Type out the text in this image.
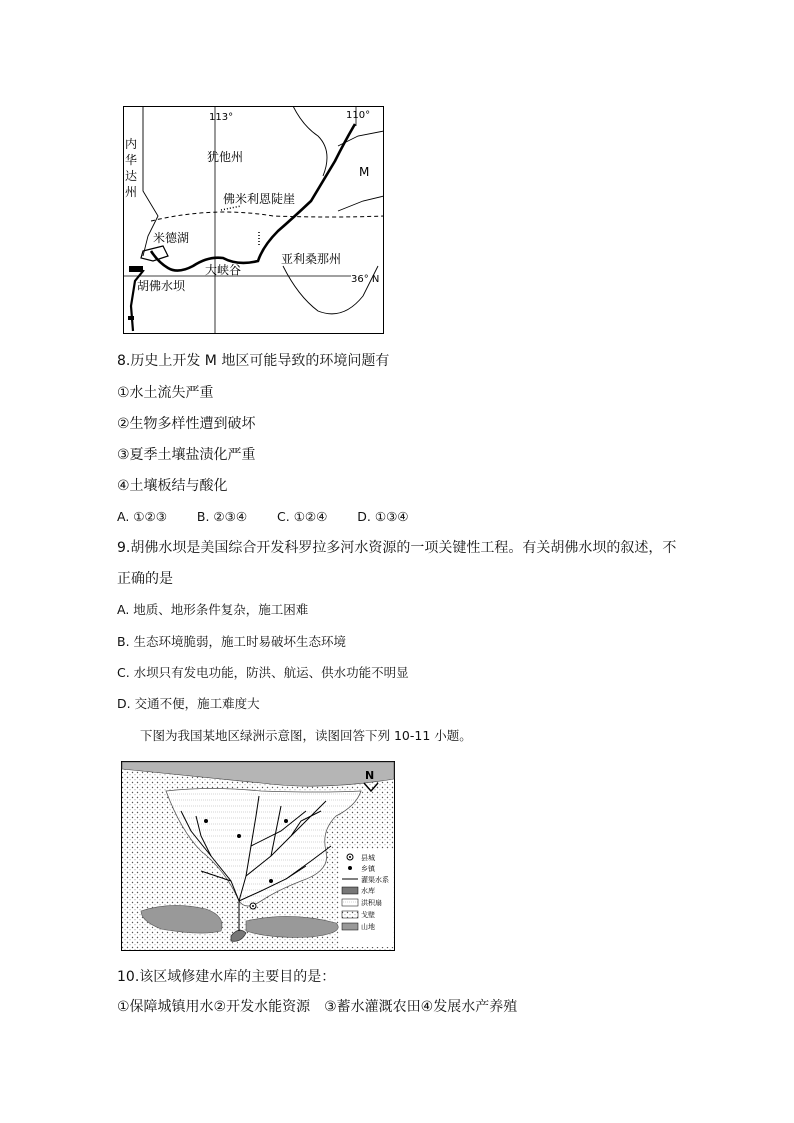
113°	110°
内
华
达
州
犹他州
M
佛米利恩陡崖
米德湖
大峡谷
亚利桑那州
36° N
胡佛水坝
8.历史上开发 M 地区可能导致的环境问题有
①水土流失严重
②生物多样性遭到破坏
③夏季土壤盐渍化严重
④土壤板结与酸化
A. ①②③ B. ②③④ C. ①②④ D. ①③④
9.胡佛水坝是美国综合开发科罗拉多河水资源的一项关键性工程。有关胡佛水坝的叙述，不
正确的是
A. 地质、地形条件复杂，施工困难
B. 生态环境脆弱，施工时易破坏生态环境
C. 水坝只有发电功能，防洪、航运、供水功能不明显
D. 交通不便，施工难度大
下图为我国某地区绿洲示意图，读图回答下列 10-11 小题。
N
县城
乡镇
灌渠水系
水库
洪积扇
戈壁
山地
10.该区域修建水库的主要目的是：
①保障城镇用水②开发水能资源　③蓄水灌溉农田④发展水产养殖
